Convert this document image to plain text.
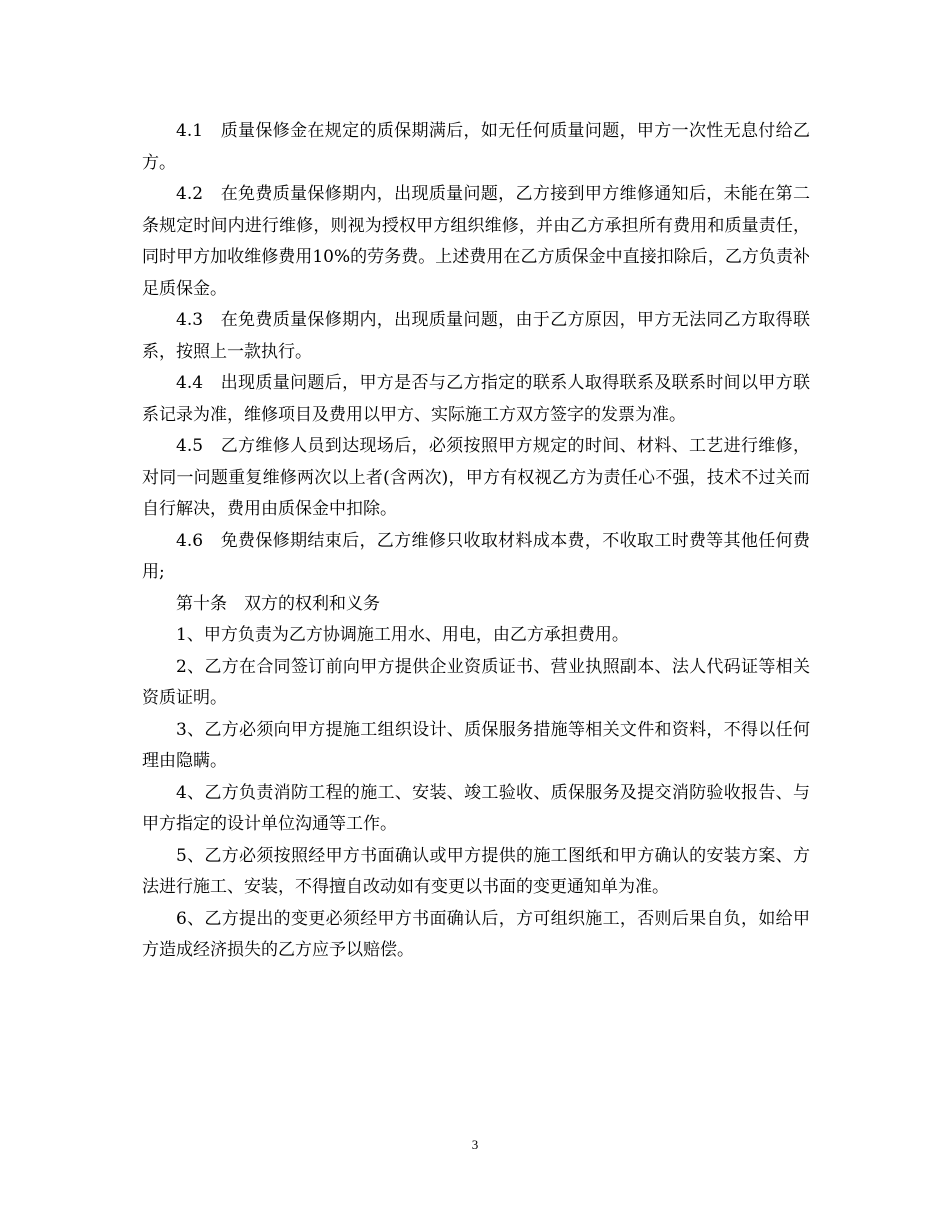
4.1　质量保修金在规定的质保期满后，如无任何质量问题，甲方一次性无息付给乙方。

4.2　在免费质量保修期内，出现质量问题，乙方接到甲方维修通知后，未能在第二条规定时间内进行维修，则视为授权甲方组织维修，并由乙方承担所有费用和质量责任，同时甲方加收维修费用10%的劳务费。上述费用在乙方质保金中直接扣除后，乙方负责补足质保金。

4.3　在免费质量保修期内，出现质量问题，由于乙方原因，甲方无法同乙方取得联系，按照上一款执行。

4.4　出现质量问题后，甲方是否与乙方指定的联系人取得联系及联系时间以甲方联系记录为准，维修项目及费用以甲方、实际施工方双方签字的发票为准。

4.5　乙方维修人员到达现场后，必须按照甲方规定的时间、材料、工艺进行维修，对同一问题重复维修两次以上者(含两次)，甲方有权视乙方为责任心不强，技术不过关而自行解决，费用由质保金中扣除。

4.6　免费保修期结束后，乙方维修只收取材料成本费，不收取工时费等其他任何费用;

第十条　双方的权利和义务

1、甲方负责为乙方协调施工用水、用电，由乙方承担费用。

2、乙方在合同签订前向甲方提供企业资质证书、营业执照副本、法人代码证等相关资质证明。

3、乙方必须向甲方提施工组织设计、质保服务措施等相关文件和资料，不得以任何理由隐瞒。

4、乙方负责消防工程的施工、安装、竣工验收、质保服务及提交消防验收报告、与甲方指定的设计单位沟通等工作。

5、乙方必须按照经甲方书面确认或甲方提供的施工图纸和甲方确认的安装方案、方法进行施工、安装，不得擅自改动如有变更以书面的变更通知单为准。

6、乙方提出的变更必须经甲方书面确认后，方可组织施工，否则后果自负，如给甲方造成经济损失的乙方应予以赔偿。

3
